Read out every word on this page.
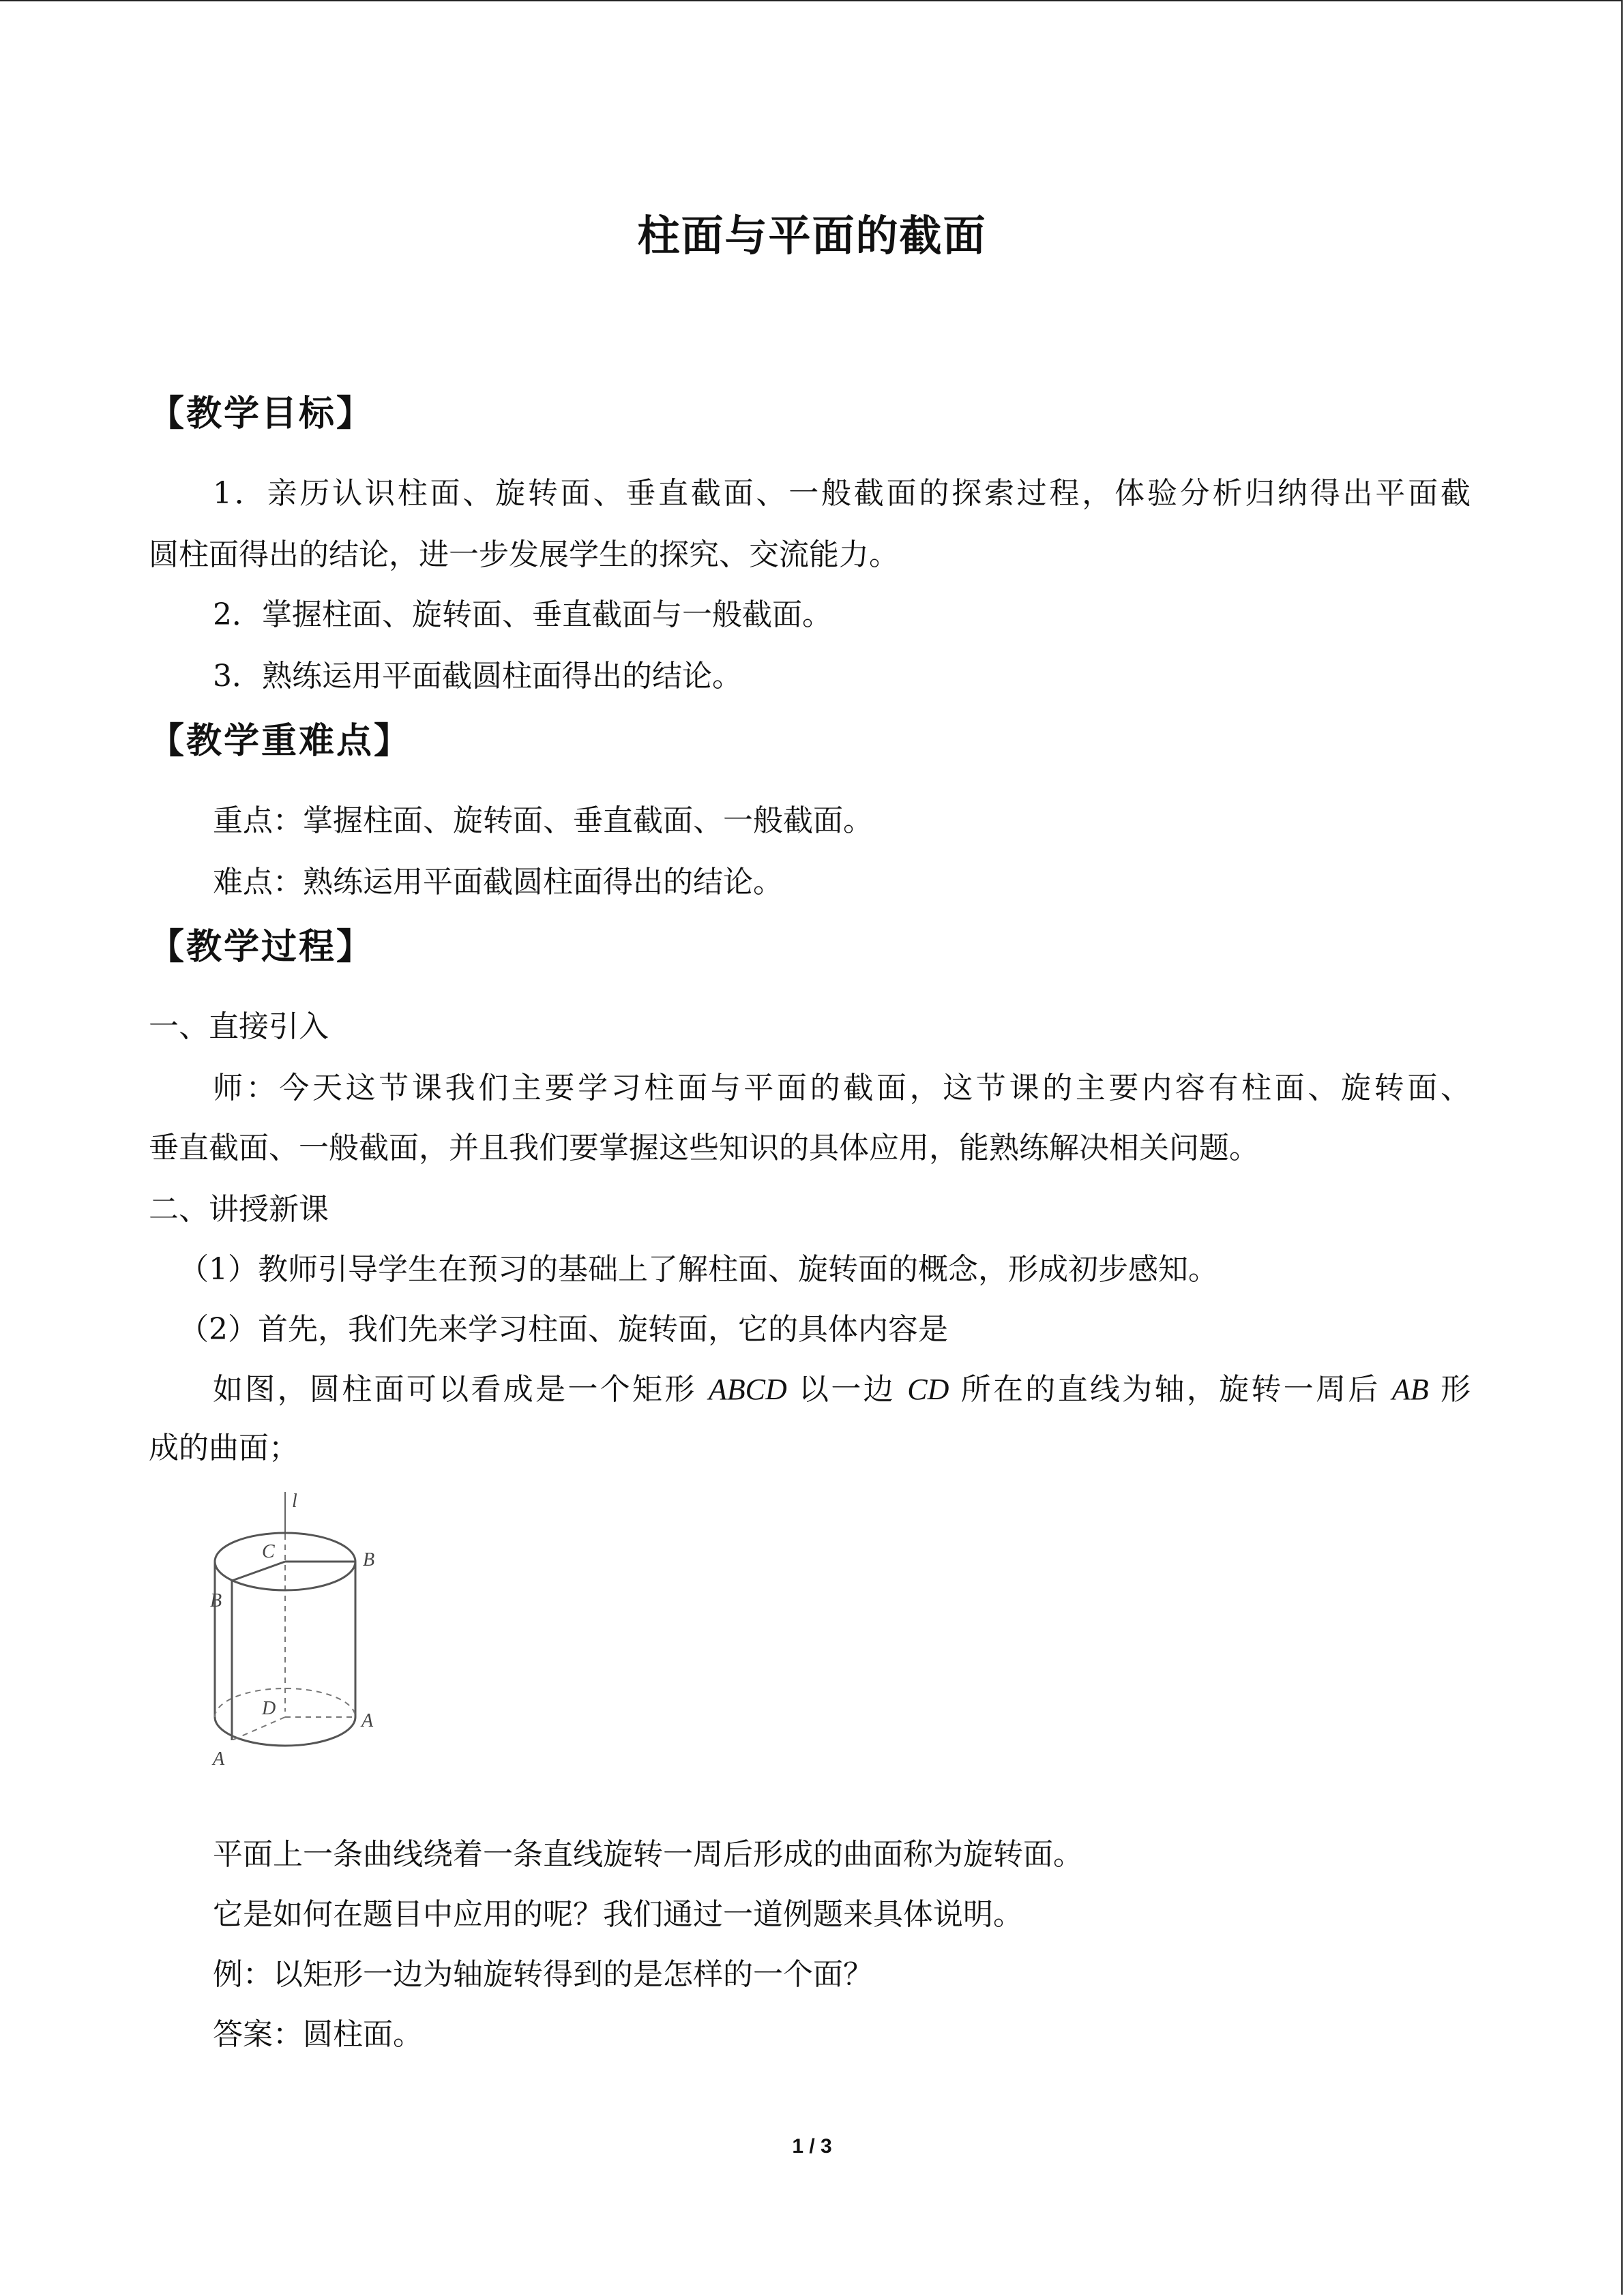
柱面与平面的截面
【教学目标】
1．亲历认识柱面、旋转面、垂直截面、一般截面的探索过程，体验分析归纳得出平面截
圆柱面得出的结论，进一步发展学生的探究、交流能力。
2．掌握柱面、旋转面、垂直截面与一般截面。
3．熟练运用平面截圆柱面得出的结论。
【教学重难点】
重点：掌握柱面、旋转面、垂直截面、一般截面。
难点：熟练运用平面截圆柱面得出的结论。
【教学过程】
一、直接引入
师：今天这节课我们主要学习柱面与平面的截面，这节课的主要内容有柱面、旋转面、
垂直截面、一般截面，并且我们要掌握这些知识的具体应用，能熟练解决相关问题。
二、讲授新课
（1）教师引导学生在预习的基础上了解柱面、旋转面的概念，形成初步感知。
（2）首先，我们先来学习柱面、旋转面，它的具体内容是
如图，圆柱面可以看成是一个矩形 ABCD 以一边 CD 所在的直线为轴，旋转一周后 AB 形
成的曲面；
l
C	B
B
D
A
A
平面上一条曲线绕着一条直线旋转一周后形成的曲面称为旋转面。
它是如何在题目中应用的呢？我们通过一道例题来具体说明。
例：以矩形一边为轴旋转得到的是怎样的一个面？
答案：圆柱面。
1 / 3
